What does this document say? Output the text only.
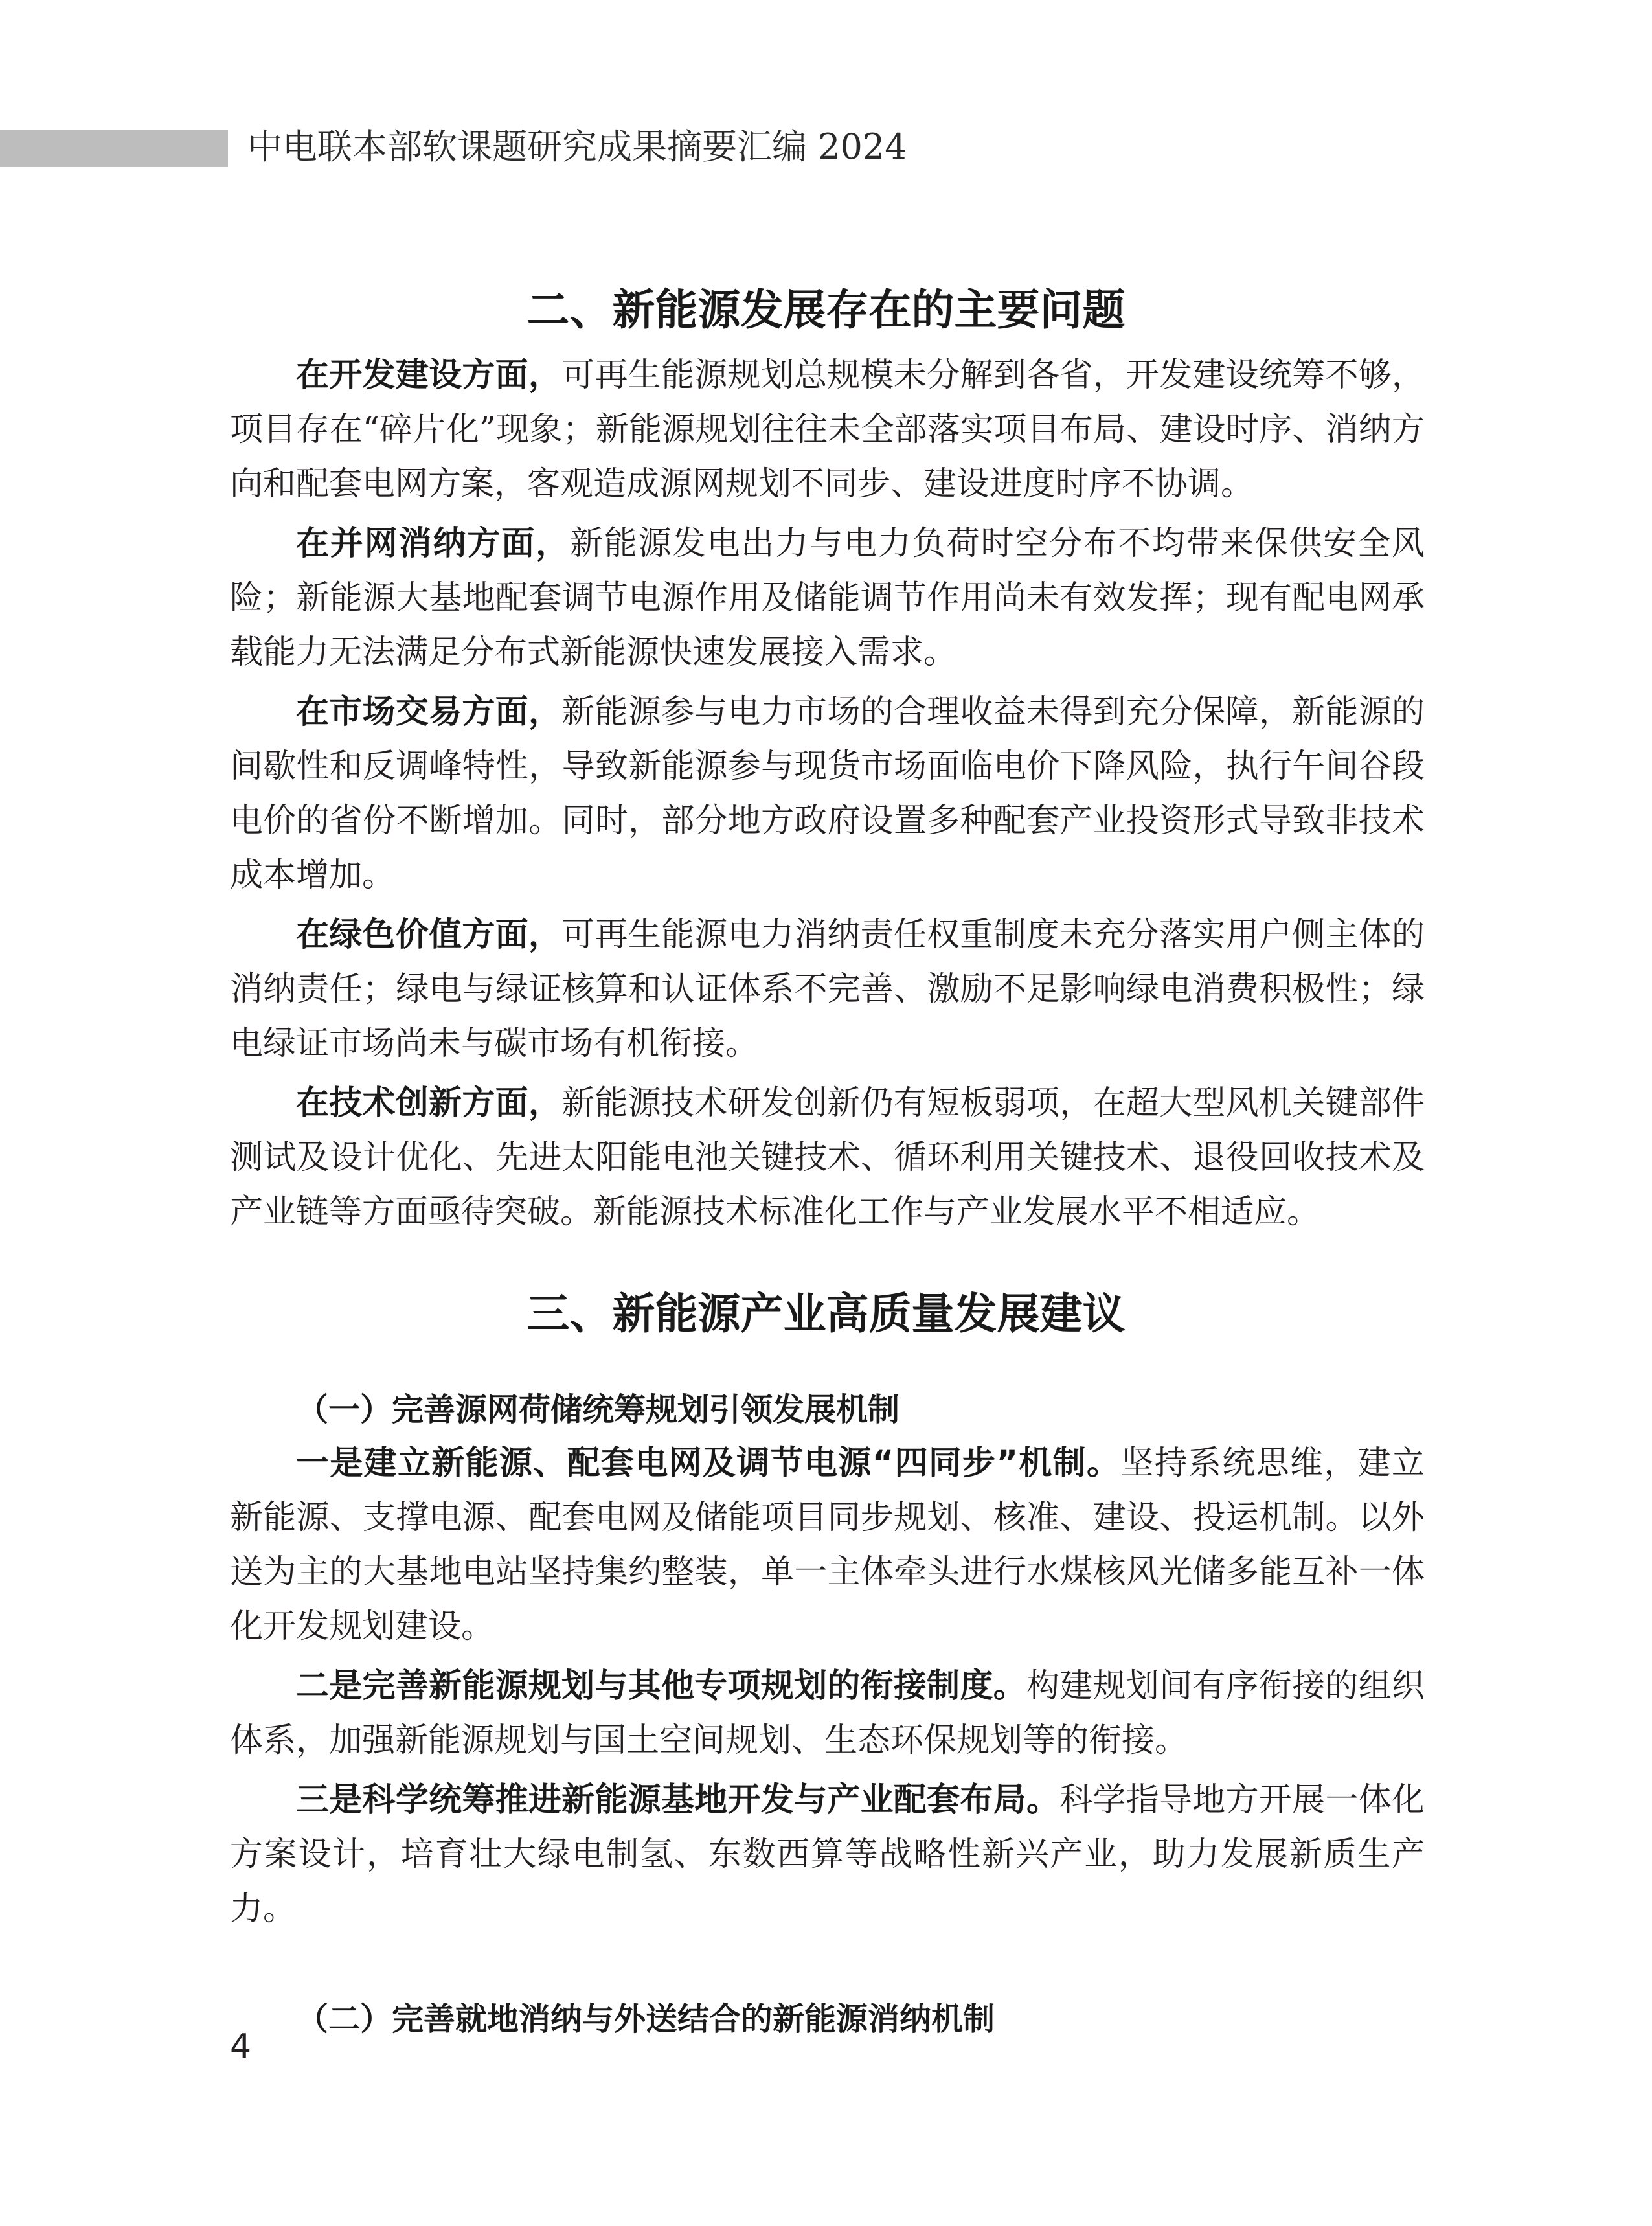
中电联本部软课题研究成果摘要汇编 2024
二、新能源发展存在的主要问题

在开发建设方面，可再生能源规划总规模未分解到各省，开发建设统筹不够，项目存在“碎片化”现象；新能源规划往往未全部落实项目布局、建设时序、消纳方向和配套电网方案，客观造成源网规划不同步、建设进度时序不协调。

在并网消纳方面，新能源发电出力与电力负荷时空分布不均带来保供安全风险；新能源大基地配套调节电源作用及储能调节作用尚未有效发挥；现有配电网承载能力无法满足分布式新能源快速发展接入需求。

在市场交易方面，新能源参与电力市场的合理收益未得到充分保障，新能源的间歇性和反调峰特性，导致新能源参与现货市场面临电价下降风险，执行午间谷段电价的省份不断增加。同时，部分地方政府设置多种配套产业投资形式导致非技术成本增加。

在绿色价值方面，可再生能源电力消纳责任权重制度未充分落实用户侧主体的消纳责任；绿电与绿证核算和认证体系不完善、激励不足影响绿电消费积极性；绿电绿证市场尚未与碳市场有机衔接。

在技术创新方面，新能源技术研发创新仍有短板弱项，在超大型风机关键部件测试及设计优化、先进太阳能电池关键技术、循环利用关键技术、退役回收技术及产业链等方面亟待突破。新能源技术标准化工作与产业发展水平不相适应。

三、新能源产业高质量发展建议
（一）完善源网荷储统筹规划引领发展机制

一是建立新能源、配套电网及调节电源“四同步”机制。坚持系统思维，建立新能源、支撑电源、配套电网及储能项目同步规划、核准、建设、投运机制。以外送为主的大基地电站坚持集约整装，单一主体牵头进行水煤核风光储多能互补一体化开发规划建设。

二是完善新能源规划与其他专项规划的衔接制度。构建规划间有序衔接的组织体系，加强新能源规划与国土空间规划、生态环保规划等的衔接。

三是科学统筹推进新能源基地开发与产业配套布局。科学指导地方开展一体化方案设计，培育壮大绿电制氢、东数西算等战略性新兴产业，助力发展新质生产力。

（二）完善就地消纳与外送结合的新能源消纳机制
4
